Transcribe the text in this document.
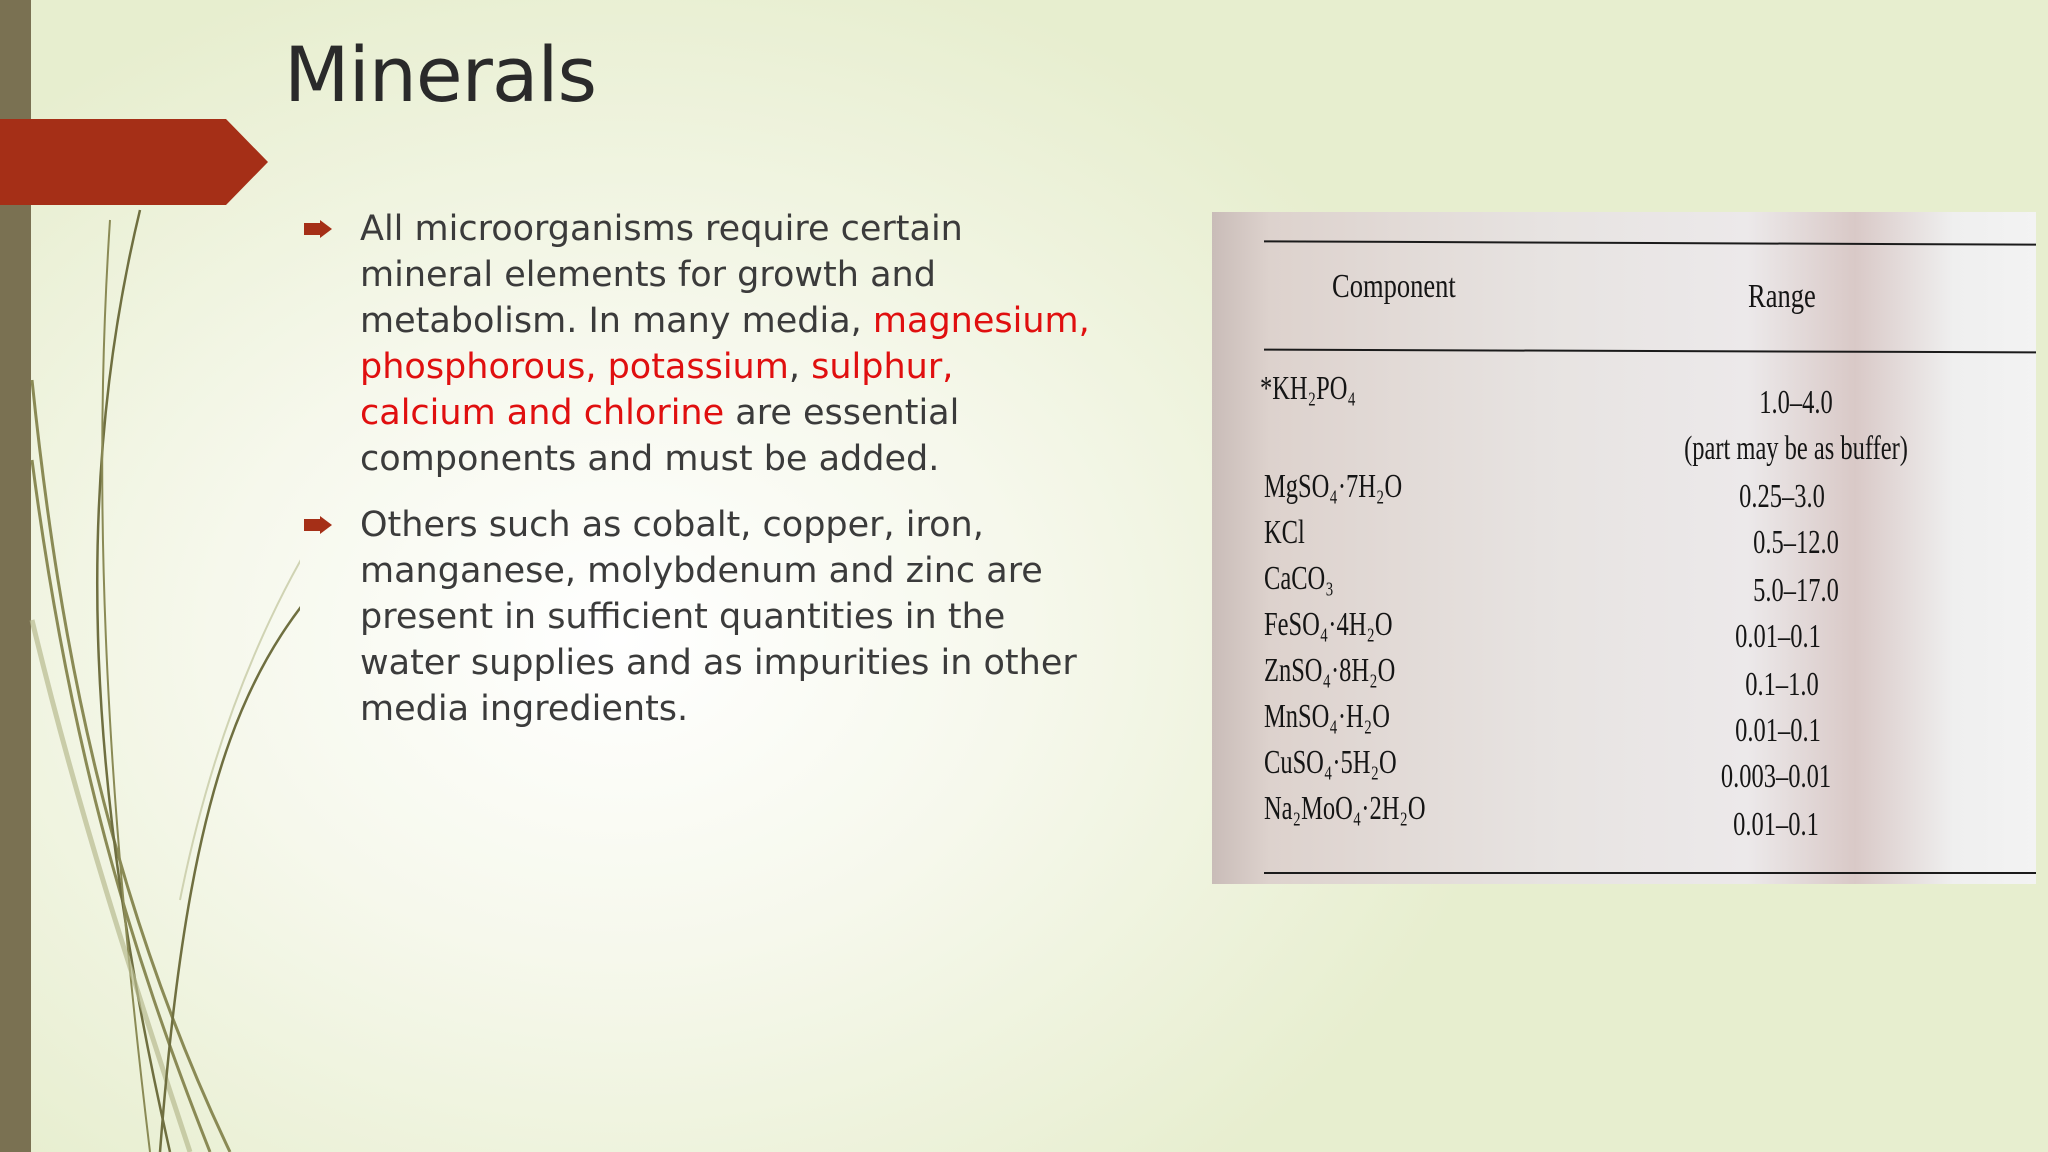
Minerals
All microorganisms require certain mineral elements for growth and metabolism. In many media, magnesium, phosphorous, potassium, sulphur, calcium and chlorine are essential components and must be added.
Others such as cobalt, copper, iron, manganese, molybdenum and zinc are present in sufficient quantities in the water supplies and as impurities in other media ingredients.
Component	Range
*KH₂PO₄	1.0–4.0
(part may be as buffer)
MgSO₄·7H₂O	0.25–3.0
KCl	0.5–12.0
CaCO₃	5.0–17.0
FeSO₄·4H₂O	0.01–0.1
ZnSO₄·8H₂O	0.1–1.0
MnSO₄·H₂O	0.01–0.1
CuSO₄·5H₂O	0.003–0.01
Na₂MoO₄·2H₂O	0.01–0.1
